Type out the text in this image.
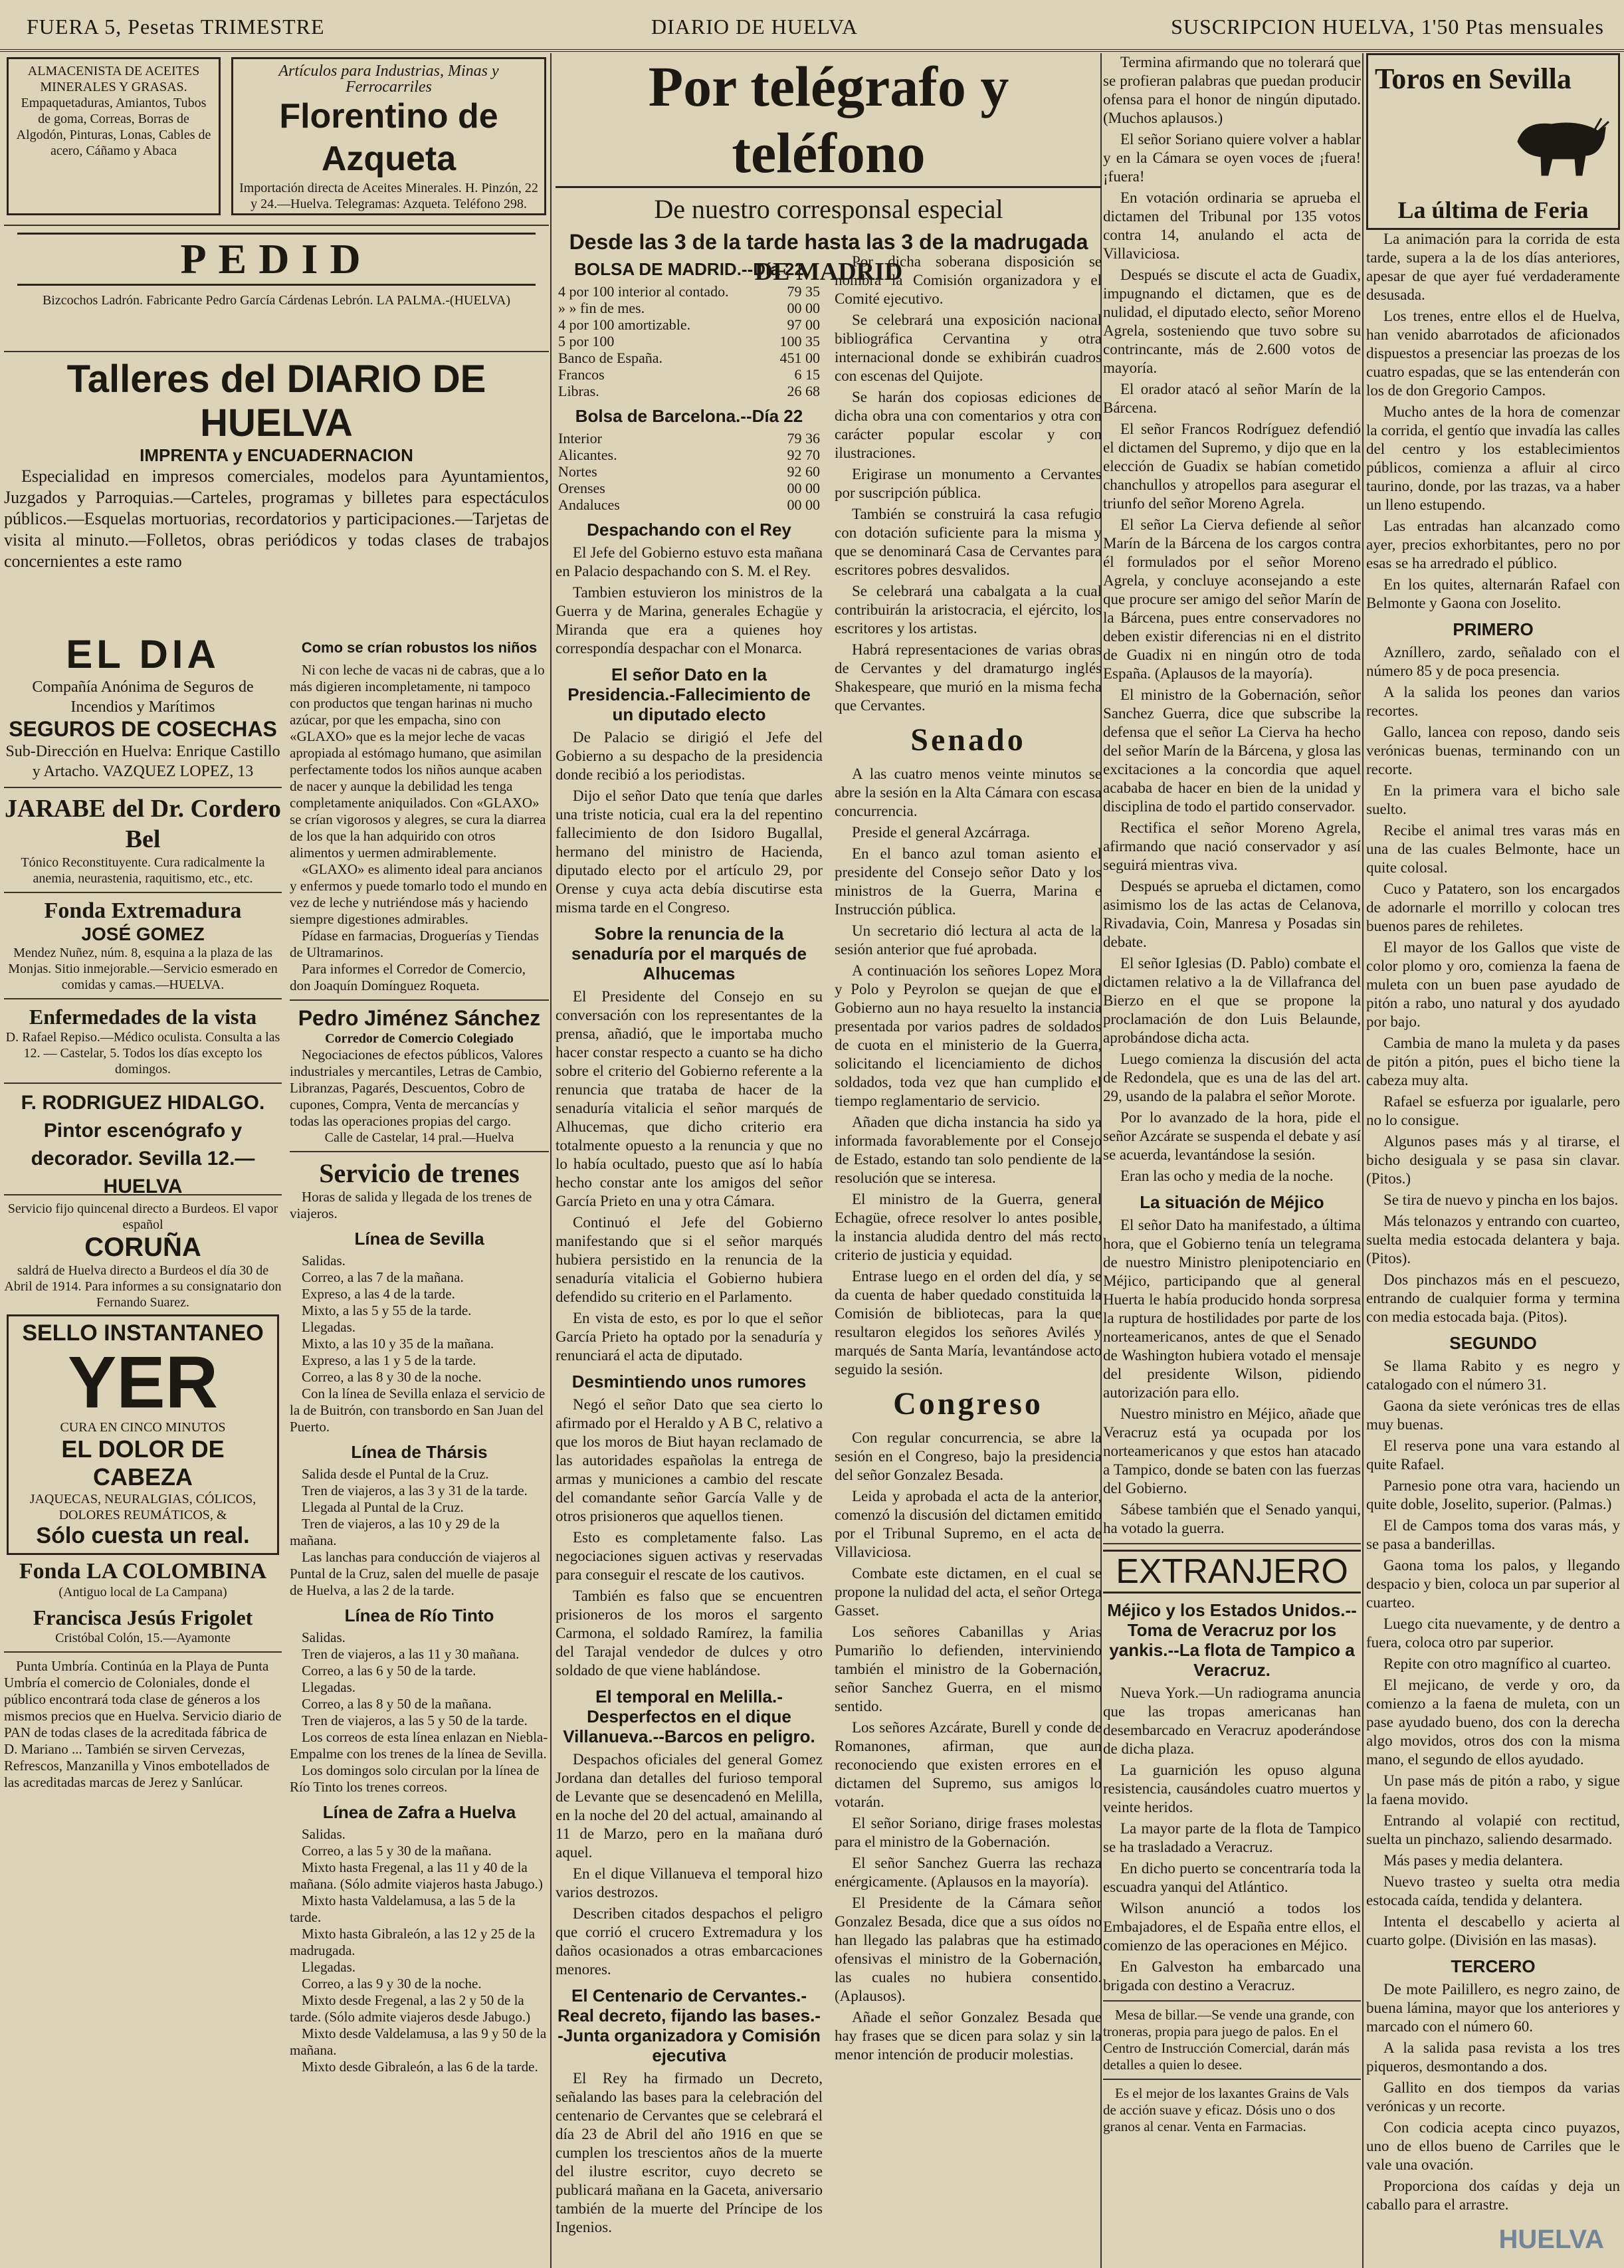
FUERA 5, Pesetas TRIMESTRE	DIARIO DE HUELVA	SUSCRIPCION HUELVA, 1'50 Ptas mensuales

ALMACENISTA DE ACEITES MINERALES Y GRASAS. Empaquetaduras, Amiantos, Tubos de goma, Correas, Borras de Algodón, Pinturas, Lonas, Cables de acero, Cáñamo y Abaca

Artículos para Industrias, Minas y Ferrocarriles

Florentino de Azqueta

Importación directa de Aceites Minerales. H. Pinzón, 22 y 24.—Huelva. Telegramas: Azqueta. Teléfono 298.

PEDID

Bizcochos Ladrón. Fabricante Pedro García Cárdenas Lebrón. LA PALMA.-(HUELVA)

Talleres del DIARIO DE HUELVA
IMPRENTA y ENCUADERNACION

Especialidad en impresos comerciales, modelos para Ayuntamientos, Juzgados y Parroquias.—Carteles, programas y billetes para espectáculos públicos.—Esquelas mortuorias, recordatorios y participaciones.—Tarjetas de visita al minuto.—Folletos, obras periódicos y todas clases de trabajos concernientes a este ramo

EL DIA

Compañía Anónima de Seguros de Incendios y Marítimos

SEGUROS DE COSECHAS

Sub-Dirección en Huelva: Enrique Castillo y Artacho. VAZQUEZ LOPEZ, 13

JARABE del Dr. Cordero Bel

Tónico Reconstituyente. Cura radicalmente la anemia, neurastenia, raquitismo, etc., etc.

Fonda Extremadura
JOSÉ GOMEZ

Mendez Nuñez, núm. 8, esquina a la plaza de las Monjas. Sitio inmejorable.—Servicio esmerado en comidas y camas.—HUELVA.

Enfermedades de la vista

D. Rafael Repiso.—Médico oculista. Consulta a las 12. — Castelar, 5. Todos los días excepto los domingos.

F. RODRIGUEZ HIDALGO. Pintor escenógrafo y decorador. Sevilla 12.—HUELVA

Servicio fijo quincenal directo a Burdeos. El vapor español

CORUÑA

saldrá de Huelva directo a Burdeos el día 30 de Abril de 1914. Para informes a su consignatario don Fernando Suarez.

SELLO INSTANTANEO
YER

CURA EN CINCO MINUTOS

EL DOLOR DE CABEZA

JAQUECAS, NEURALGIAS, CÓLICOS, DOLORES REUMÁTICOS, &

Sólo cuesta un real.
Fonda LA COLOMBINA

(Antiguo local de La Campana)

Francisca Jesús Frigolet

Cristóbal Colón, 15.—Ayamonte

Punta Umbría. Continúa en la Playa de Punta Umbría el comercio de Coloniales, donde el público encontrará toda clase de géneros a los mismos precios que en Huelva. Servicio diario de PAN de todas clases de la acreditada fábrica de D. Mariano ... También se sirven Cervezas, Refrescos, Manzanilla y Vinos embotellados de las acreditadas marcas de Jerez y Sanlúcar.

Como se crían robustos los niños

Ni con leche de vacas ni de cabras, que a lo más digieren incompletamente, ni tampoco con productos que tengan harinas ni mucho azúcar, por que les empacha, sino con «GLAXO» que es la mejor leche de vacas apropiada al estómago humano, que asimilan perfectamente todos los niños aunque acaben de nacer y aunque la debilidad les tenga completamente aniquilados. Con «GLAXO» se crían vigorosos y alegres, se cura la diarrea de los que la han adquirido con otros alimentos y uermen admirablemente.

«GLAXO» es alimento ideal para ancianos y enfermos y puede tomarlo todo el mundo en vez de leche y nutriéndose más y haciendo siempre digestiones admirables.

Pídase en farmacias, Droguerías y Tiendas de Ultramarinos.

Para informes el Corredor de Comercio, don Joaquín Domínguez Roqueta.

Pedro Jiménez Sánchez

Corredor de Comercio Colegiado

Negociaciones de efectos públicos, Valores industriales y mercantiles, Letras de Cambio, Libranzas, Pagarés, Descuentos, Cobro de cupones, Compra, Venta de mercancías y todas las operaciones propias del cargo.

Calle de Castelar, 14 pral.—Huelva

Servicio de trenes

Horas de salida y llegada de los trenes de viajeros.

Línea de Sevilla

Salidas.

Correo, a las 7 de la mañana.

Expreso, a las 4 de la tarde.

Mixto, a las 5 y 55 de la tarde.

Llegadas.

Mixto, a las 10 y 35 de la mañana.

Expreso, a las 1 y 5 de la tarde.

Correo, a las 8 y 30 de la noche.

Con la línea de Sevilla enlaza el servicio de la de Buitrón, con transbordo en San Juan del Puerto.

Línea de Thársis

Salida desde el Puntal de la Cruz.

Tren de viajeros, a las 3 y 31 de la tarde.

Llegada al Puntal de la Cruz.

Tren de viajeros, a las 10 y 29 de la mañana.

Las lanchas para conducción de viajeros al Puntal de la Cruz, salen del muelle de pasaje de Huelva, a las 2 de la tarde.

Línea de Río Tinto

Salidas.

Tren de viajeros, a las 11 y 30 mañana.

Correo, a las 6 y 50 de la tarde.

Llegadas.

Correo, a las 8 y 50 de la mañana.

Tren de viajeros, a las 5 y 50 de la tarde.

Los correos de esta línea enlazan en Niebla-Empalme con los trenes de la línea de Sevilla.

Los domingos solo circulan por la línea de Río Tinto los trenes correos.

Línea de Zafra a Huelva

Salidas.

Correo, a las 5 y 30 de la mañana.

Mixto hasta Fregenal, a las 11 y 40 de la mañana. (Sólo admite viajeros hasta Jabugo.)

Mixto hasta Valdelamusa, a las 5 de la tarde.

Mixto hasta Gibraleón, a las 12 y 25 de la madrugada.

Llegadas.

Correo, a las 9 y 30 de la noche.

Mixto desde Fregenal, a las 2 y 50 de la tarde. (Sólo admite viajeros desde Jabugo.)

Mixto desde Valdelamusa, a las 9 y 50 de la mañana.

Mixto desde Gibraleón, a las 6 de la tarde.

Por telégrafo y teléfono
De nuestro corresponsal especial
Desde las 3 de la tarde hasta las 3 de la madrugada
DE MADRID
BOLSA DE MADRID.--Día 22
4 por 100 interior al contado.	79 35
» » fin de mes.	00 00
4 por 100 amortizable.	97 00
5 por 100	100 35
Banco de España.	451 00
Francos	6 15
Libras.	26 68
Bolsa de Barcelona.--Día 22
Interior	79 36
Alicantes.	92 70
Nortes	92 60
Orenses	00 00
Andaluces	00 00
Despachando con el Rey

El Jefe del Gobierno estuvo esta mañana en Palacio despachando con S. M. el Rey.

Tambien estuvieron los ministros de la Guerra y de Marina, generales Echagüe y Miranda que era a quienes hoy correspondía despachar con el Monarca.

El señor Dato en la Presidencia.-Fallecimiento de un diputado electo

De Palacio se dirigió el Jefe del Gobierno a su despacho de la presidencia donde recibió a los periodistas.

Dijo el señor Dato que tenía que darles una triste noticia, cual era la del repentino fallecimiento de don Isidoro Bugallal, hermano del ministro de Hacienda, diputado electo por el artículo 29, por Orense y cuya acta debía discutirse esta misma tarde en el Congreso.

Sobre la renuncia de la senaduría por el marqués de Alhucemas

El Presidente del Consejo en su conversación con los representantes de la prensa, añadió, que le importaba mucho hacer constar respecto a cuanto se ha dicho sobre el criterio del Gobierno referente a la renuncia que trataba de hacer de la senaduría vitalicia el señor marqués de Alhucemas, que dicho criterio era totalmente opuesto a la renuncia y que no lo había ocultado, puesto que así lo había hecho constar ante los amigos del señor García Prieto en una y otra Cámara.

Continuó el Jefe del Gobierno manifestando que si el señor marqués hubiera persistido en la renuncia de la senaduría vitalicia el Gobierno hubiera defendido su criterio en el Parlamento.

En vista de esto, es por lo que el señor García Prieto ha optado por la senaduría y renunciará el acta de diputado.

Desmintiendo unos rumores

Negó el señor Dato que sea cierto lo afirmado por el Heraldo y A B C, relativo a que los moros de Biut hayan reclamado de las autoridades españolas la entrega de armas y municiones a cambio del rescate del comandante señor García Valle y de otros prisioneros que aquellos tienen.

Esto es completamente falso. Las negociaciones siguen activas y reservadas para conseguir el rescate de los cautivos.

También es falso que se encuentren prisioneros de los moros el sargento Carmona, el soldado Ramírez, la familia del Tarajal vendedor de dulces y otro soldado de que viene hablándose.

El temporal en Melilla.-Desperfectos en el dique Villanueva.--Barcos en peligro.

Despachos oficiales del general Gomez Jordana dan detalles del furioso temporal de Levante que se desencadenó en Melilla, en la noche del 20 del actual, amainando al 11 de Marzo, pero en la mañana duró aquel.

En el dique Villanueva el temporal hizo varios destrozos.

Describen citados despachos el peligro que corrió el crucero Extremadura y los daños ocasionados a otras embarcaciones menores.

El Centenario de Cervantes.-Real decreto, fijando las bases.--Junta organizadora y Comisión ejecutiva

El Rey ha firmado un Decreto, señalando las bases para la celebración del centenario de Cervantes que se celebrará el día 23 de Abril del año 1916 en que se cumplen los trescientos años de la muerte del ilustre escritor, cuyo decreto se publicará mañana en la Gaceta, aniversario también de la muerte del Príncipe de los Ingenios.

Por dicha soberana disposición se nombra la Comisión organizadora y el Comité ejecutivo.

Se celebrará una exposición nacional bibliográfica Cervantina y otra internacional donde se exhibirán cuadros con escenas del Quijote.

Se harán dos copiosas ediciones de dicha obra una con comentarios y otra con carácter popular escolar y con ilustraciones.

Erigirase un monumento a Cervantes por suscripción pública.

También se construirá la casa refugio con dotación suficiente para la misma y que se denominará Casa de Cervantes para escritores pobres desvalidos.

Se celebrará una cabalgata a la cual contribuirán la aristocracia, el ejército, los escritores y los artistas.

Habrá representaciones de varias obras de Cervantes y del dramaturgo inglés Shakespeare, que murió en la misma fecha que Cervantes.

Senado

A las cuatro menos veinte minutos se abre la sesión en la Alta Cámara con escasa concurrencia.

Preside el general Azcárraga.

En el banco azul toman asiento el presidente del Consejo señor Dato y los ministros de la Guerra, Marina e Instrucción pública.

Un secretario dió lectura al acta de la sesión anterior que fué aprobada.

A continuación los señores Lopez Mora y Polo y Peyrolon se quejan de que el Gobierno aun no haya resuelto la instancia presentada por varios padres de soldados de cuota en el ministerio de la Guerra, solicitando el licenciamiento de dichos soldados, toda vez que han cumplido el tiempo reglamentario de servicio.

Añaden que dicha instancia ha sido ya informada favorablemente por el Consejo de Estado, estando tan solo pendiente de la resolución que se interesa.

El ministro de la Guerra, general Echagüe, ofrece resolver lo antes posible, la instancia aludida dentro del más recto criterio de justicia y equidad.

Entrase luego en el orden del día, y se da cuenta de haber quedado constituida la Comisión de bibliotecas, para la que resultaron elegidos los señores Avilés y marqués de Santa María, levantándose acto seguido la sesión.

Congreso

Con regular concurrencia, se abre la sesión en el Congreso, bajo la presidencia del señor Gonzalez Besada.

Leida y aprobada el acta de la anterior, comenzó la discusión del dictamen emitido por el Tribunal Supremo, en el acta de Villaviciosa.

Combate este dictamen, en el cual se propone la nulidad del acta, el señor Ortega Gasset.

Los señores Cabanillas y Arias Pumariño lo defienden, interviniendo también el ministro de la Gobernación, señor Sanchez Guerra, en el mismo sentido.

Los señores Azcárate, Burell y conde de Romanones, afirman, que aun reconociendo que existen errores en el dictamen del Supremo, sus amigos lo votarán.

El señor Soriano, dirige frases molestas para el ministro de la Gobernación.

El señor Sanchez Guerra las rechaza enérgicamente. (Aplausos en la mayoría).

El Presidente de la Cámara señor Gonzalez Besada, dice que a sus oídos no han llegado las palabras que ha estimado ofensivas el ministro de la Gobernación, las cuales no hubiera consentido. (Aplausos).

Añade el señor Gonzalez Besada que hay frases que se dicen para solaz y sin la menor intención de producir molestias.

Termina afirmando que no tolerará que se profieran palabras que puedan producir ofensa para el honor de ningún diputado. (Muchos aplausos.)

El señor Soriano quiere volver a hablar y en la Cámara se oyen voces de ¡fuera! ¡fuera!

En votación ordinaria se aprueba el dictamen del Tribunal por 135 votos contra 14, anulando el acta de Villaviciosa.

Después se discute el acta de Guadix, impugnando el dictamen, que es de nulidad, el diputado electo, señor Moreno Agrela, sosteniendo que tuvo sobre su contrincante, más de 2.600 votos de mayoría.

El orador atacó al señor Marín de la Bárcena.

El señor Francos Rodríguez defendió el dictamen del Supremo, y dijo que en la elección de Guadix se habían cometido chanchullos y atropellos para asegurar el triunfo del señor Moreno Agrela.

El señor La Cierva defiende al señor Marín de la Bárcena de los cargos contra él formulados por el señor Moreno Agrela, y concluye aconsejando a este que procure ser amigo del señor Marín de la Bárcena, pues entre conservadores no deben existir diferencias ni en el distrito de Guadix ni en ningún otro de toda España. (Aplausos de la mayoría).

El ministro de la Gobernación, señor Sanchez Guerra, dice que subscribe la defensa que el señor La Cierva ha hecho del señor Marín de la Bárcena, y glosa las excitaciones a la concordia que aquel acababa de hacer en bien de la unidad y disciplina de todo el partido conservador.

Rectifica el señor Moreno Agrela, afirmando que nació conservador y así seguirá mientras viva.

Después se aprueba el dictamen, como asimismo los de las actas de Celanova, Rivadavia, Coin, Manresa y Posadas sin debate.

El señor Iglesias (D. Pablo) combate el dictamen relativo a la de Villafranca del Bierzo en el que se propone la proclamación de don Luis Belaunde, aprobándose dicha acta.

Luego comienza la discusión del acta de Redondela, que es una de las del art. 29, usando de la palabra el señor Morote.

Por lo avanzado de la hora, pide el señor Azcárate se suspenda el debate y así se acuerda, levantándose la sesión.

Eran las ocho y media de la noche.

La situación de Méjico

El señor Dato ha manifestado, a última hora, que el Gobierno tenía un telegrama de nuestro Ministro plenipotenciario en Méjico, participando que al general Huerta le había producido honda sorpresa la ruptura de hostilidades por parte de los norteamericanos, antes de que el Senado de Washington hubiera votado el mensaje del presidente Wilson, pidiendo autorización para ello.

Nuestro ministro en Méjico, añade que Veracruz está ya ocupada por los norteamericanos y que estos han atacado a Tampico, donde se baten con las fuerzas del Gobierno.

Sábese también que el Senado yanqui, ha votado la guerra.

EXTRANJERO
Méjico y los Estados Unidos.--Toma de Veracruz por los yankis.--La flota de Tampico a Veracruz.

Nueva York.—Un radiograma anuncia que las tropas americanas han desembarcado en Veracruz apoderándose de dicha plaza.

La guarnición les opuso alguna resistencia, causándoles cuatro muertos y veinte heridos.

La mayor parte de la flota de Tampico se ha trasladado a Veracruz.

En dicho puerto se concentraría toda la escuadra yanqui del Atlántico.

Wilson anunció a todos los Embajadores, el de España entre ellos, el comienzo de las operaciones en Méjico.

En Galveston ha embarcado una brigada con destino a Veracruz.

Mesa de billar.—Se vende una grande, con troneras, propia para juego de palos. En el Centro de Instrucción Comercial, darán más detalles a quien lo desee.

Es el mejor de los laxantes Grains de Vals de acción suave y eficaz. Dósis uno o dos granos al cenar. Venta en Farmacias.

Toros en Sevilla
La última de Feria

La animación para la corrida de esta tarde, supera a la de los días anteriores, apesar de que ayer fué verdaderamente desusada.

Los trenes, entre ellos el de Huelva, han venido abarrotados de aficionados dispuestos a presenciar las proezas de los cuatro espadas, que se las entenderán con los de don Gregorio Campos.

Mucho antes de la hora de comenzar la corrida, el gentío que invadía las calles del centro y los establecimientos públicos, comienza a afluir al circo taurino, donde, por las trazas, va a haber un lleno estupendo.

Las entradas han alcanzado como ayer, precios exhorbitantes, pero no por esas se ha arredrado el público.

En los quites, alternarán Rafael con Belmonte y Gaona con Joselito.

PRIMERO

Azníllero, zardo, señalado con el número 85 y de poca presencia.

A la salida los peones dan varios recortes.

Gallo, lancea con reposo, dando seis verónicas buenas, terminando con un recorte.

En la primera vara el bicho sale suelto.

Recibe el animal tres varas más en una de las cuales Belmonte, hace un quite colosal.

Cuco y Patatero, son los encargados de adornarle el morrillo y colocan tres buenos pares de rehiletes.

El mayor de los Gallos que viste de color plomo y oro, comienza la faena de muleta con un buen pase ayudado de pitón a rabo, uno natural y dos ayudado por bajo.

Cambia de mano la muleta y da pases de pitón a pitón, pues el bicho tiene la cabeza muy alta.

Rafael se esfuerza por igualarle, pero no lo consigue.

Algunos pases más y al tirarse, el bicho desiguala y se pasa sin clavar. (Pitos.)

Se tira de nuevo y pincha en los bajos.

Más telonazos y entrando con cuarteo, suelta media estocada delantera y baja. (Pitos).

Dos pinchazos más en el pescuezo, entrando de cualquier forma y termina con media estocada baja. (Pitos).

SEGUNDO

Se llama Rabito y es negro y catalogado con el número 31.

Gaona da siete verónicas tres de ellas muy buenas.

El reserva pone una vara estando al quite Rafael.

Parnesio pone otra vara, haciendo un quite doble, Joselito, superior. (Palmas.)

El de Campos toma dos varas más, y se pasa a banderillas.

Gaona toma los palos, y llegando despacio y bien, coloca un par superior al cuarteo.

Luego cita nuevamente, y de dentro a fuera, coloca otro par superior.

Repite con otro magnífico al cuarteo.

El mejicano, de verde y oro, da comienzo a la faena de muleta, con un pase ayudado bueno, dos con la derecha algo movidos, otros dos con la misma mano, el segundo de ellos ayudado.

Un pase más de pitón a rabo, y sigue la faena movido.

Entrando al volapié con rectitud, suelta un pinchazo, saliendo desarmado.

Más pases y media delantera.

Nuevo trasteo y suelta otra media estocada caída, tendida y delantera.

Intenta el descabello y acierta al cuarto golpe. (División en las masas).

TERCERO

De mote Pailillero, es negro zaino, de buena lámina, mayor que los anteriores y marcado con el número 60.

A la salida pasa revista a los tres piqueros, desmontando a dos.

Gallito en dos tiempos da varias verónicas y un recorte.

Con codicia acepta cinco puyazos, uno de ellos bueno de Carriles que le vale una ovación.

Proporciona dos caídas y deja un caballo para el arrastre.

HUELVA
